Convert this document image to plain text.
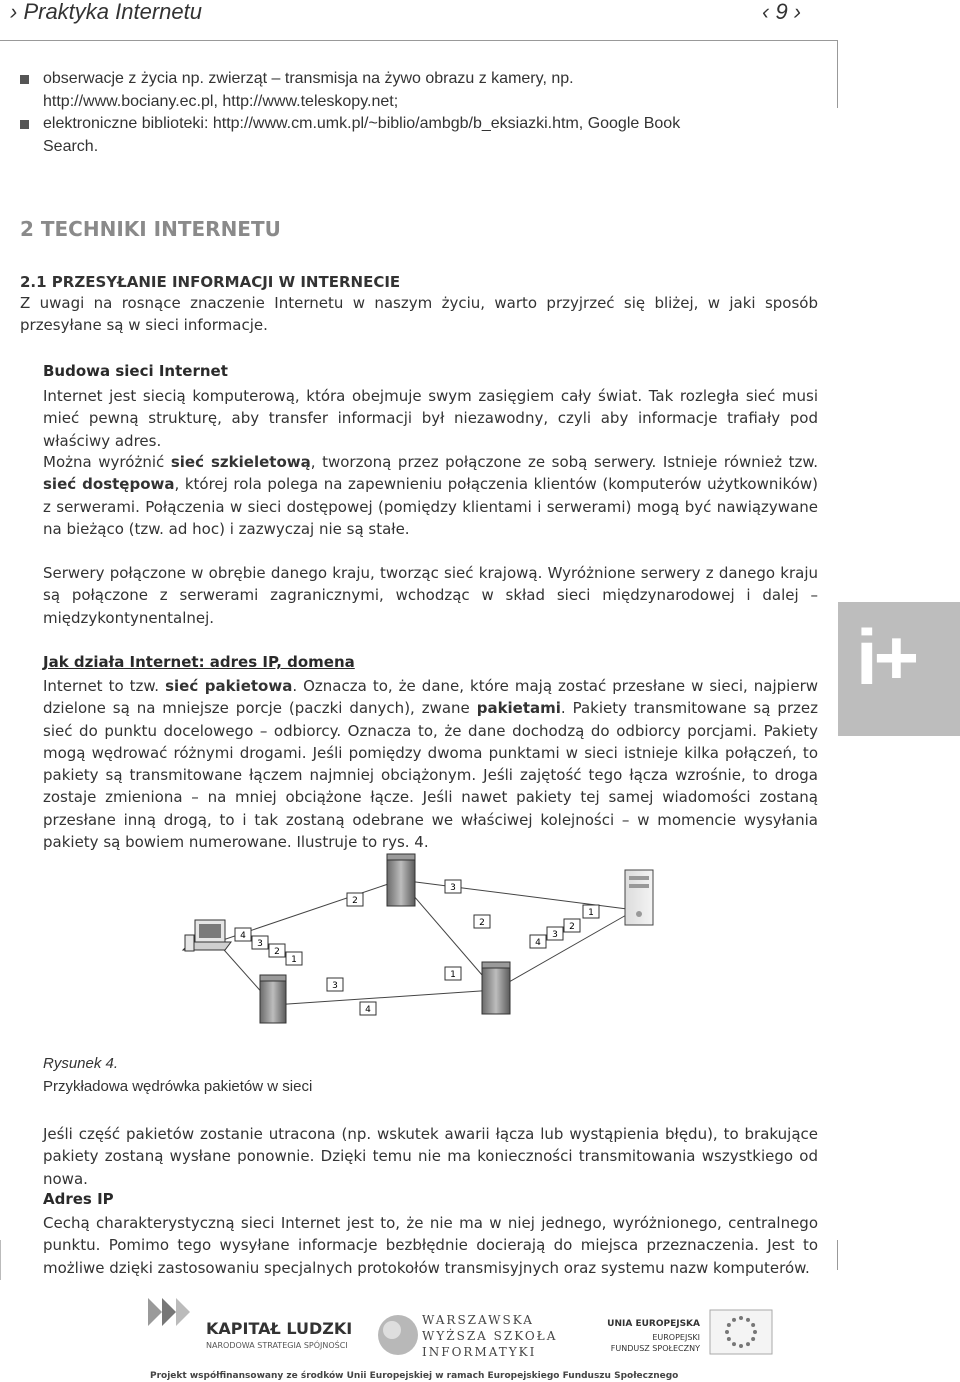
› Praktyka Internetu	‹ 9 ›
obserwacje z życia np. zwierząt – transmisja na żywo obrazu z kamery, np. http://www.bociany.ec.pl, http://www.teleskopy.net;
elektroniczne biblioteki: http://www.cm.umk.pl/~biblio/ambgb/b_eksiazki.htm, Google Book Search.
2 TECHNIKI INTERNETU
2.1 PRZESYŁANIE INFORMACJI W INTERNECIE
Z uwagi na rosnące znaczenie Internetu w naszym życiu, warto przyjrzeć się bliżej, w jaki sposób przesyłane są w sieci informacje.
Budowa sieci Internet
Internet jest siecią komputerową, która obejmuje swym zasięgiem cały świat. Tak rozległa sieć musi mieć pewną strukturę, aby transfer informacji był niezawodny, czyli aby informacje trafiały pod właściwy adres.
Można wyróżnić sieć szkieletową, tworzoną przez połączone ze sobą serwery. Istnieje również tzw. sieć dostępowa, której rola polega na zapewnieniu połączenia klientów (komputerów użytkowników) z serwerami. Połączenia w sieci dostępowej (pomiędzy klientami i serwerami) mogą być nawiązywane na bieżąco (tzw. ad hoc) i zazwyczaj nie są stałe.
Serwery połączone w obrębie danego kraju, tworząc sieć krajową. Wyróżnione serwery z danego kraju są połączone z serwerami zagranicznymi, wchodząc w skład sieci międzynarodowej i dalej – międzykontynentalnej.	i+
Jak działa Internet: adres IP, domena
Internet to tzw. sieć pakietowa. Oznacza to, że dane, które mają zostać przesłane w sieci, najpierw dzielone są na mniejsze porcje (paczki danych), zwane pakietami. Pakiety transmitowane są przez sieć do punktu docelowego – odbiorcy. Oznacza to, że dane dochodzą do odbiorcy porcjami. Pakiety mogą wędrować różnymi drogami. Jeśli pomiędzy dwoma punktami w sieci istnieje kilka połączeń, to pakiety są transmitowane łączem najmniej obciążonym. Jeśli zajętość tego łącza wzrośnie, to droga zostaje zmieniona – na mniej obciążone łącze. Jeśli nawet pakiety tej samej wiadomości zostaną przesłane inną drogą, to i tak zostaną odebrane we właściwej kolejności – w momencie wysyłania pakiety są bowiem numerowane. Ilustruje to rys. 4.
4
3
2
1
2
3
3
2
4
3
2
1
4
1
Rysunek 4.
Przykładowa wędrówka pakietów w sieci
Jeśli część pakietów zostanie utracona (np. wskutek awarii łącza lub wystąpienia błędu), to brakujące pakiety zostaną wysłane ponownie. Dzięki temu nie ma konieczności transmitowania wszystkiego od nowa.
Adres IP
Cechą charakterystyczną sieci Internet jest to, że nie ma w niej jednego, wyróżnionego, centralnego punktu. Pomimo tego wysyłane informacje bezbłędnie docierają do miejsca przeznaczenia. Jest to możliwe dzięki zastosowaniu specjalnych protokołów transmisyjnych oraz systemu nazw komputerów.
KAPITAŁ LUDZKI
NARODOWA STRATEGIA SPÓJNOŚCI
WARSZAWSKA
WYŻSZA SZKOŁA
INFORMATYKI
UNIA EUROPEJSKA
EUROPEJSKI
FUNDUSZ SPOŁECZNY
Projekt współfinansowany ze środków Unii Europejskiej w ramach Europejskiego Funduszu Społecznego
